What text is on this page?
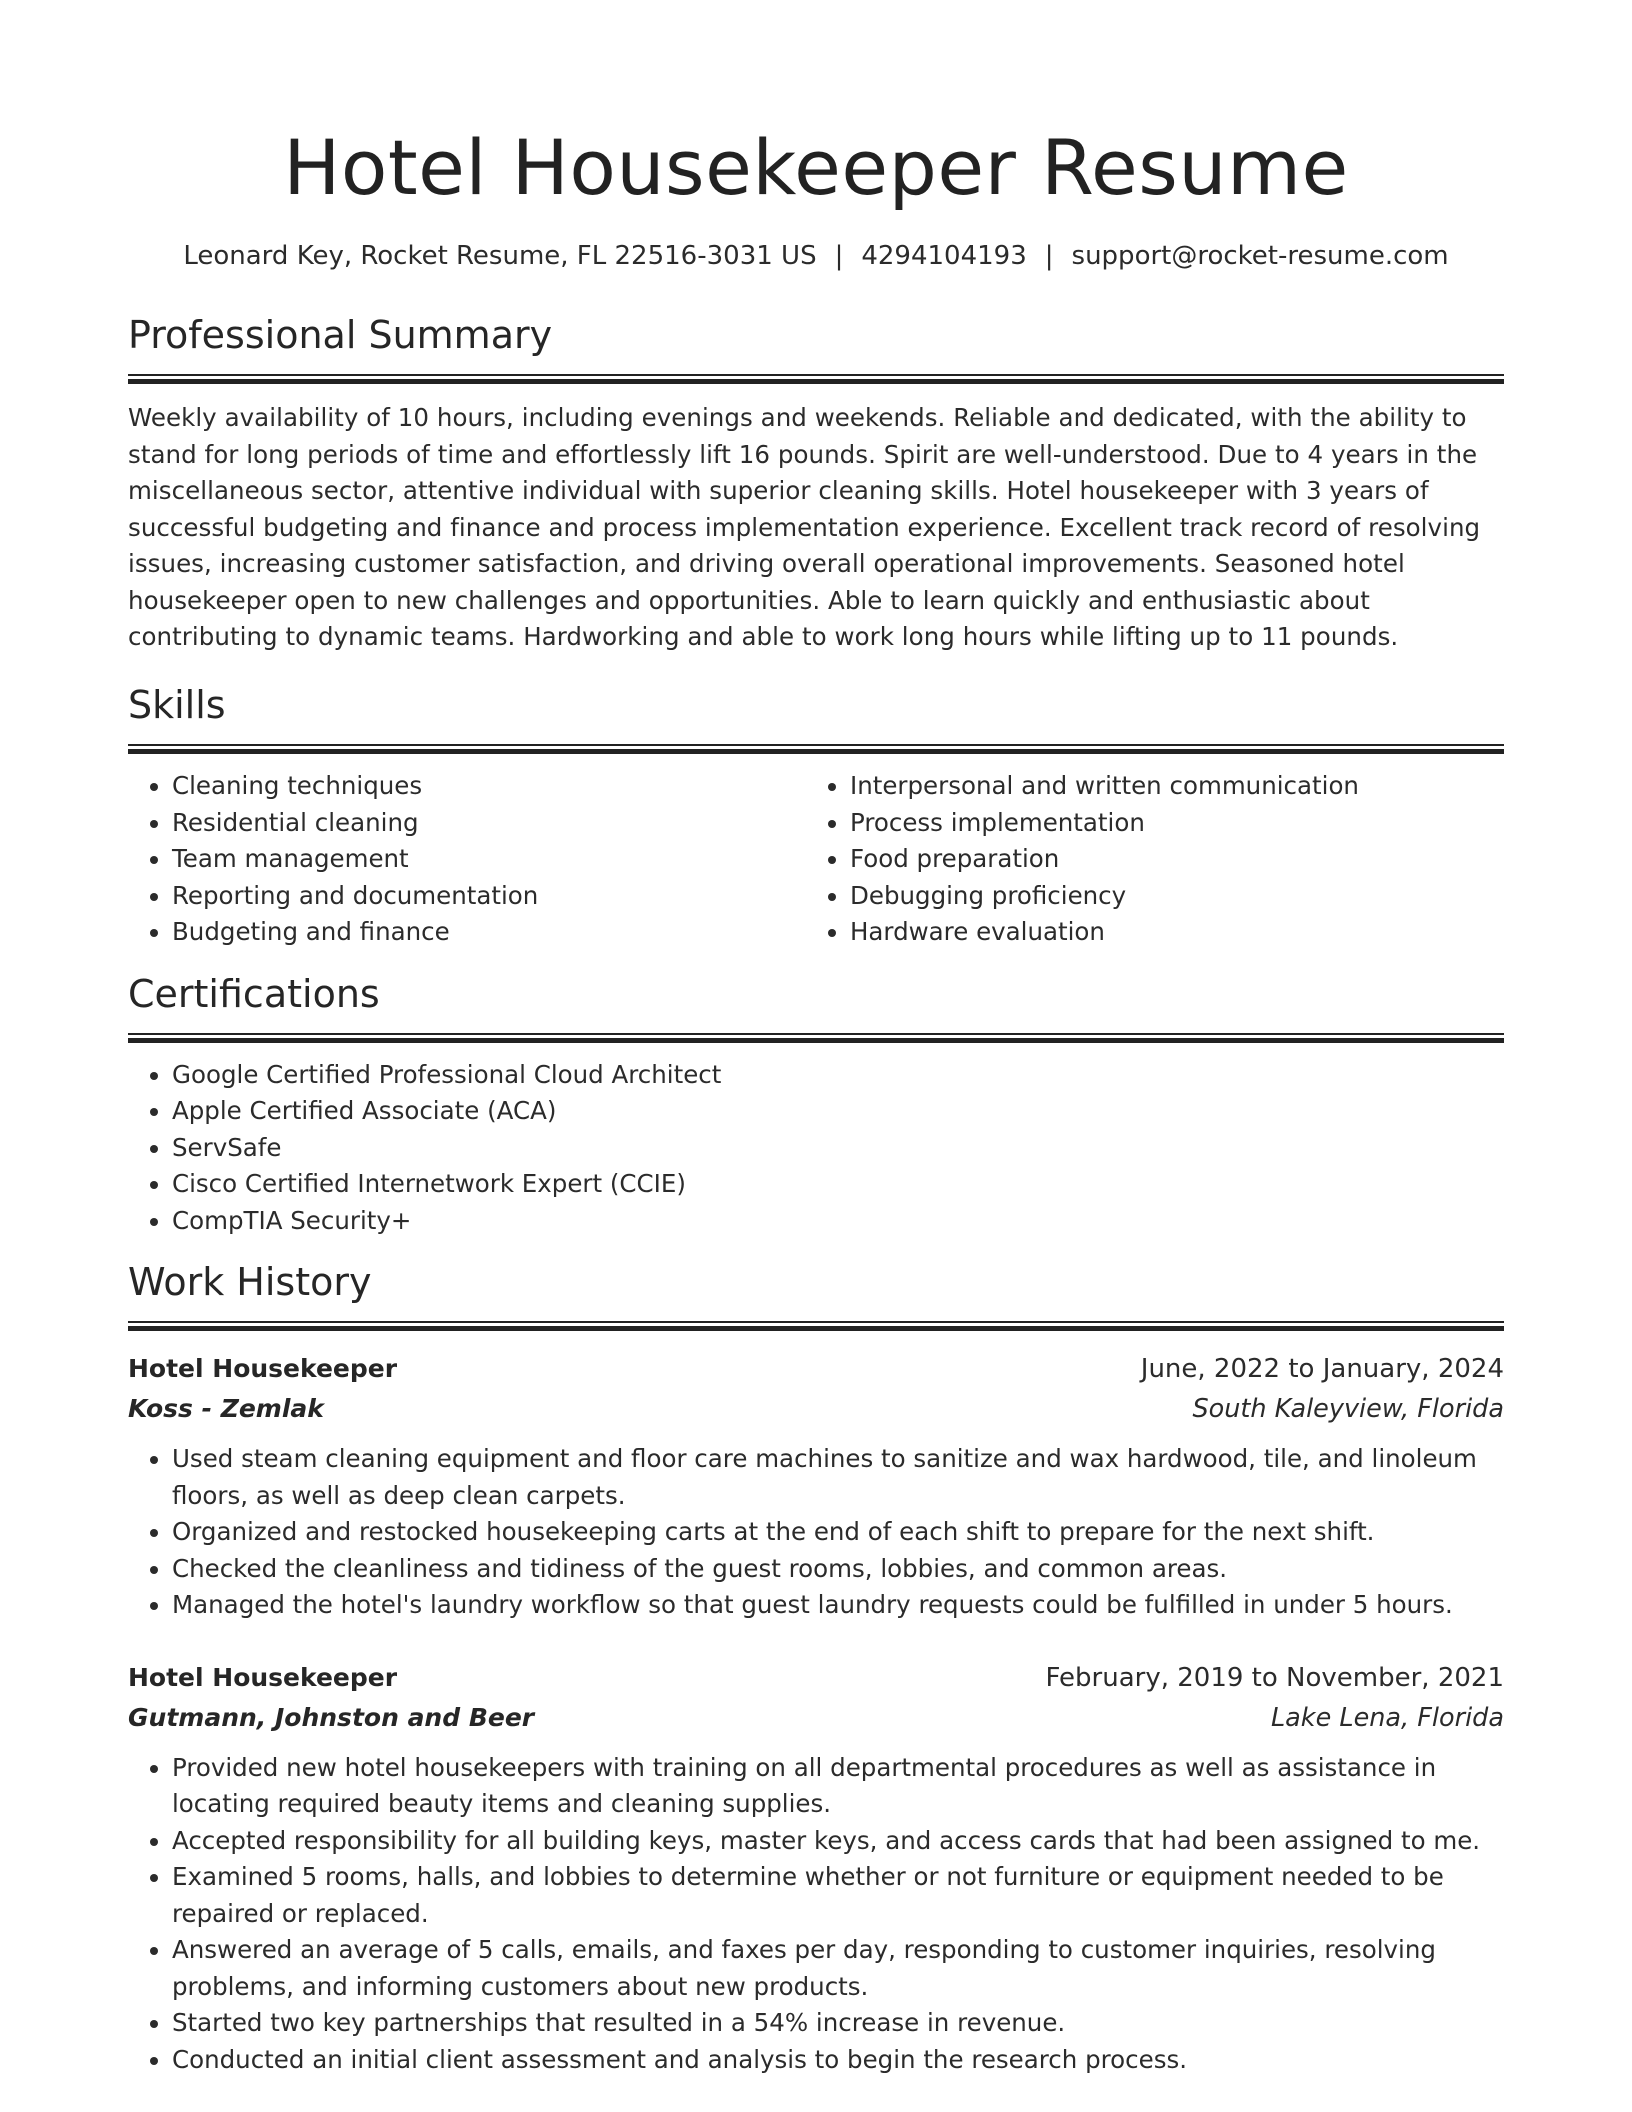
Hotel Housekeeper Resume
Leonard Key, Rocket Resume, FL 22516-3031 US | 4294104193 | support@rocket-resume.com
Professional Summary

Weekly availability of 10 hours, including evenings and weekends. Reliable and dedicated, with the ability to stand for long periods of time and effortlessly lift 16 pounds. Spirit are well-understood. Due to 4 years in the miscellaneous sector, attentive individual with superior cleaning skills. Hotel housekeeper with 3 years of successful budgeting and finance and process implementation experience. Excellent track record of resolving issues, increasing customer satisfaction, and driving overall operational improvements. Seasoned hotel housekeeper open to new challenges and opportunities. Able to learn quickly and enthusiastic about contributing to dynamic teams. Hardworking and able to work long hours while lifting up to 11 pounds.

Skills
• Cleaning techniques
• Residential cleaning
• Team management
• Reporting and documentation
• Budgeting and finance
• Interpersonal and written communication
• Process implementation
• Food preparation
• Debugging proficiency
• Hardware evaluation
Certifications
• Google Certified Professional Cloud Architect
• Apple Certified Associate (ACA)
• ServSafe
• Cisco Certified Internetwork Expert (CCIE)
• CompTIA Security+
Work History
Hotel Housekeeper	June, 2022 to January, 2024
Koss - Zemlak	South Kaleyview, Florida
• Used steam cleaning equipment and floor care machines to sanitize and wax hardwood, tile, and linoleum floors, as well as deep clean carpets.
• Organized and restocked housekeeping carts at the end of each shift to prepare for the next shift.
• Checked the cleanliness and tidiness of the guest rooms, lobbies, and common areas.
• Managed the hotel's laundry workflow so that guest laundry requests could be fulfilled in under 5 hours.
Hotel Housekeeper	February, 2019 to November, 2021
Gutmann, Johnston and Beer	Lake Lena, Florida
• Provided new hotel housekeepers with training on all departmental procedures as well as assistance in locating required beauty items and cleaning supplies.
• Accepted responsibility for all building keys, master keys, and access cards that had been assigned to me.
• Examined 5 rooms, halls, and lobbies to determine whether or not furniture or equipment needed to be repaired or replaced.
• Answered an average of 5 calls, emails, and faxes per day, responding to customer inquiries, resolving problems, and informing customers about new products.
• Started two key partnerships that resulted in a 54% increase in revenue.
• Conducted an initial client assessment and analysis to begin the research process.
